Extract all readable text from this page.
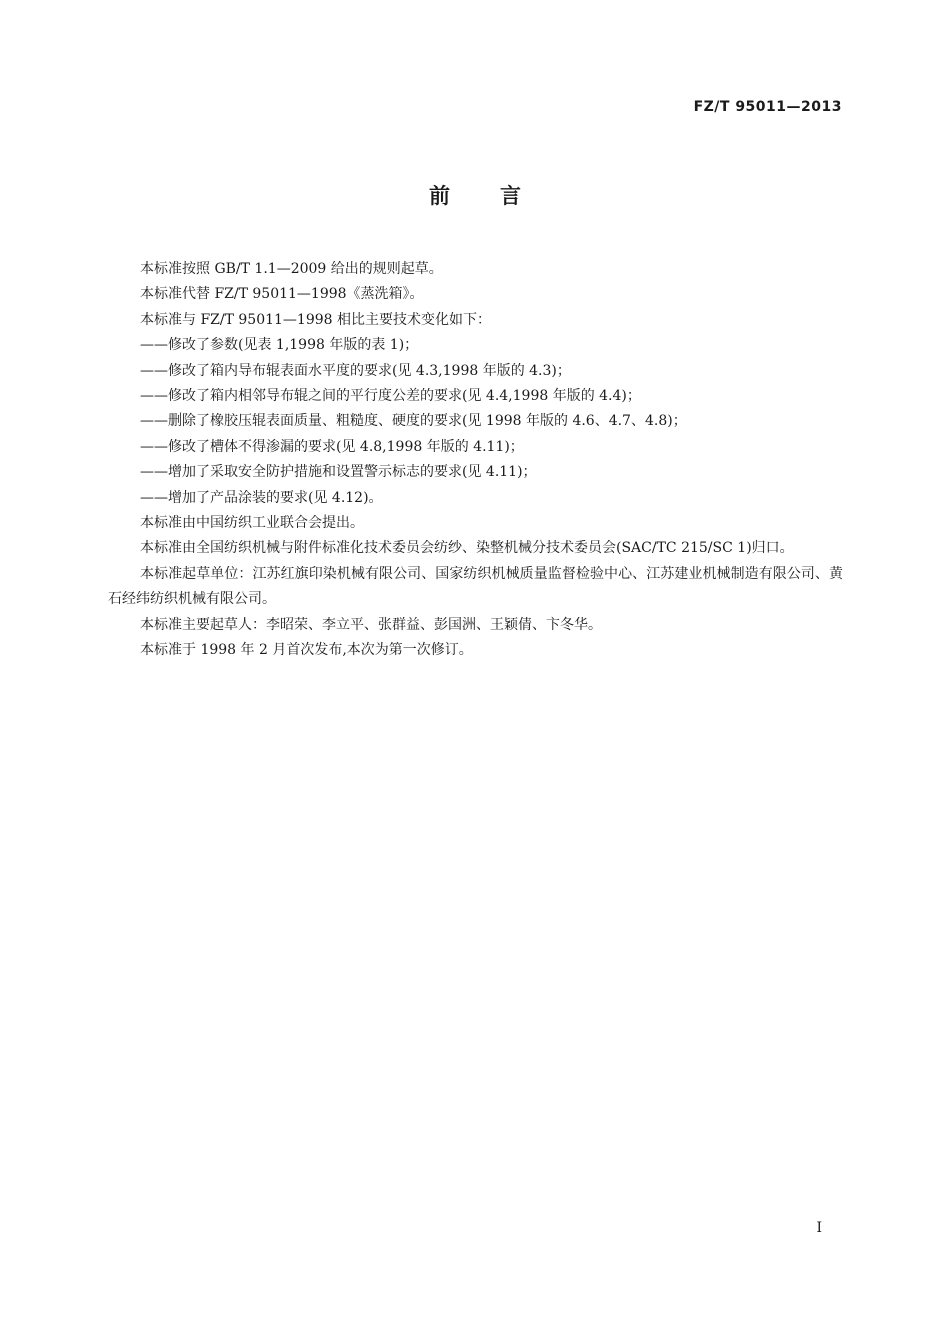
FZ/T 95011—2013
前言

本标准按照 GB/T 1.1—2009 给出的规则起草。

本标准代替 FZ/T 95011—1998《蒸洗箱》。

本标准与 FZ/T 95011—1998 相比主要技术变化如下：

——修改了参数(见表 1,1998 年版的表 1)；

——修改了箱内导布辊表面水平度的要求(见 4.3,1998 年版的 4.3)；

——修改了箱内相邻导布辊之间的平行度公差的要求(见 4.4,1998 年版的 4.4)；

——删除了橡胶压辊表面质量、粗糙度、硬度的要求(见 1998 年版的 4.6、4.7、4.8)；

——修改了槽体不得渗漏的要求(见 4.8,1998 年版的 4.11)；

——增加了采取安全防护措施和设置警示标志的要求(见 4.11)；

——增加了产品涂装的要求(见 4.12)。

本标准由中国纺织工业联合会提出。

本标准由全国纺织机械与附件标准化技术委员会纺纱、染整机械分技术委员会(SAC/TC 215/SC 1)归口。

本标准起草单位：江苏红旗印染机械有限公司、国家纺织机械质量监督检验中心、江苏建业机械制造有限公司、黄石经纬纺织机械有限公司。

本标准主要起草人：李昭荣、李立平、张群益、彭国洲、王颖倩、卞冬华。

本标准于 1998 年 2 月首次发布,本次为第一次修订。

I
